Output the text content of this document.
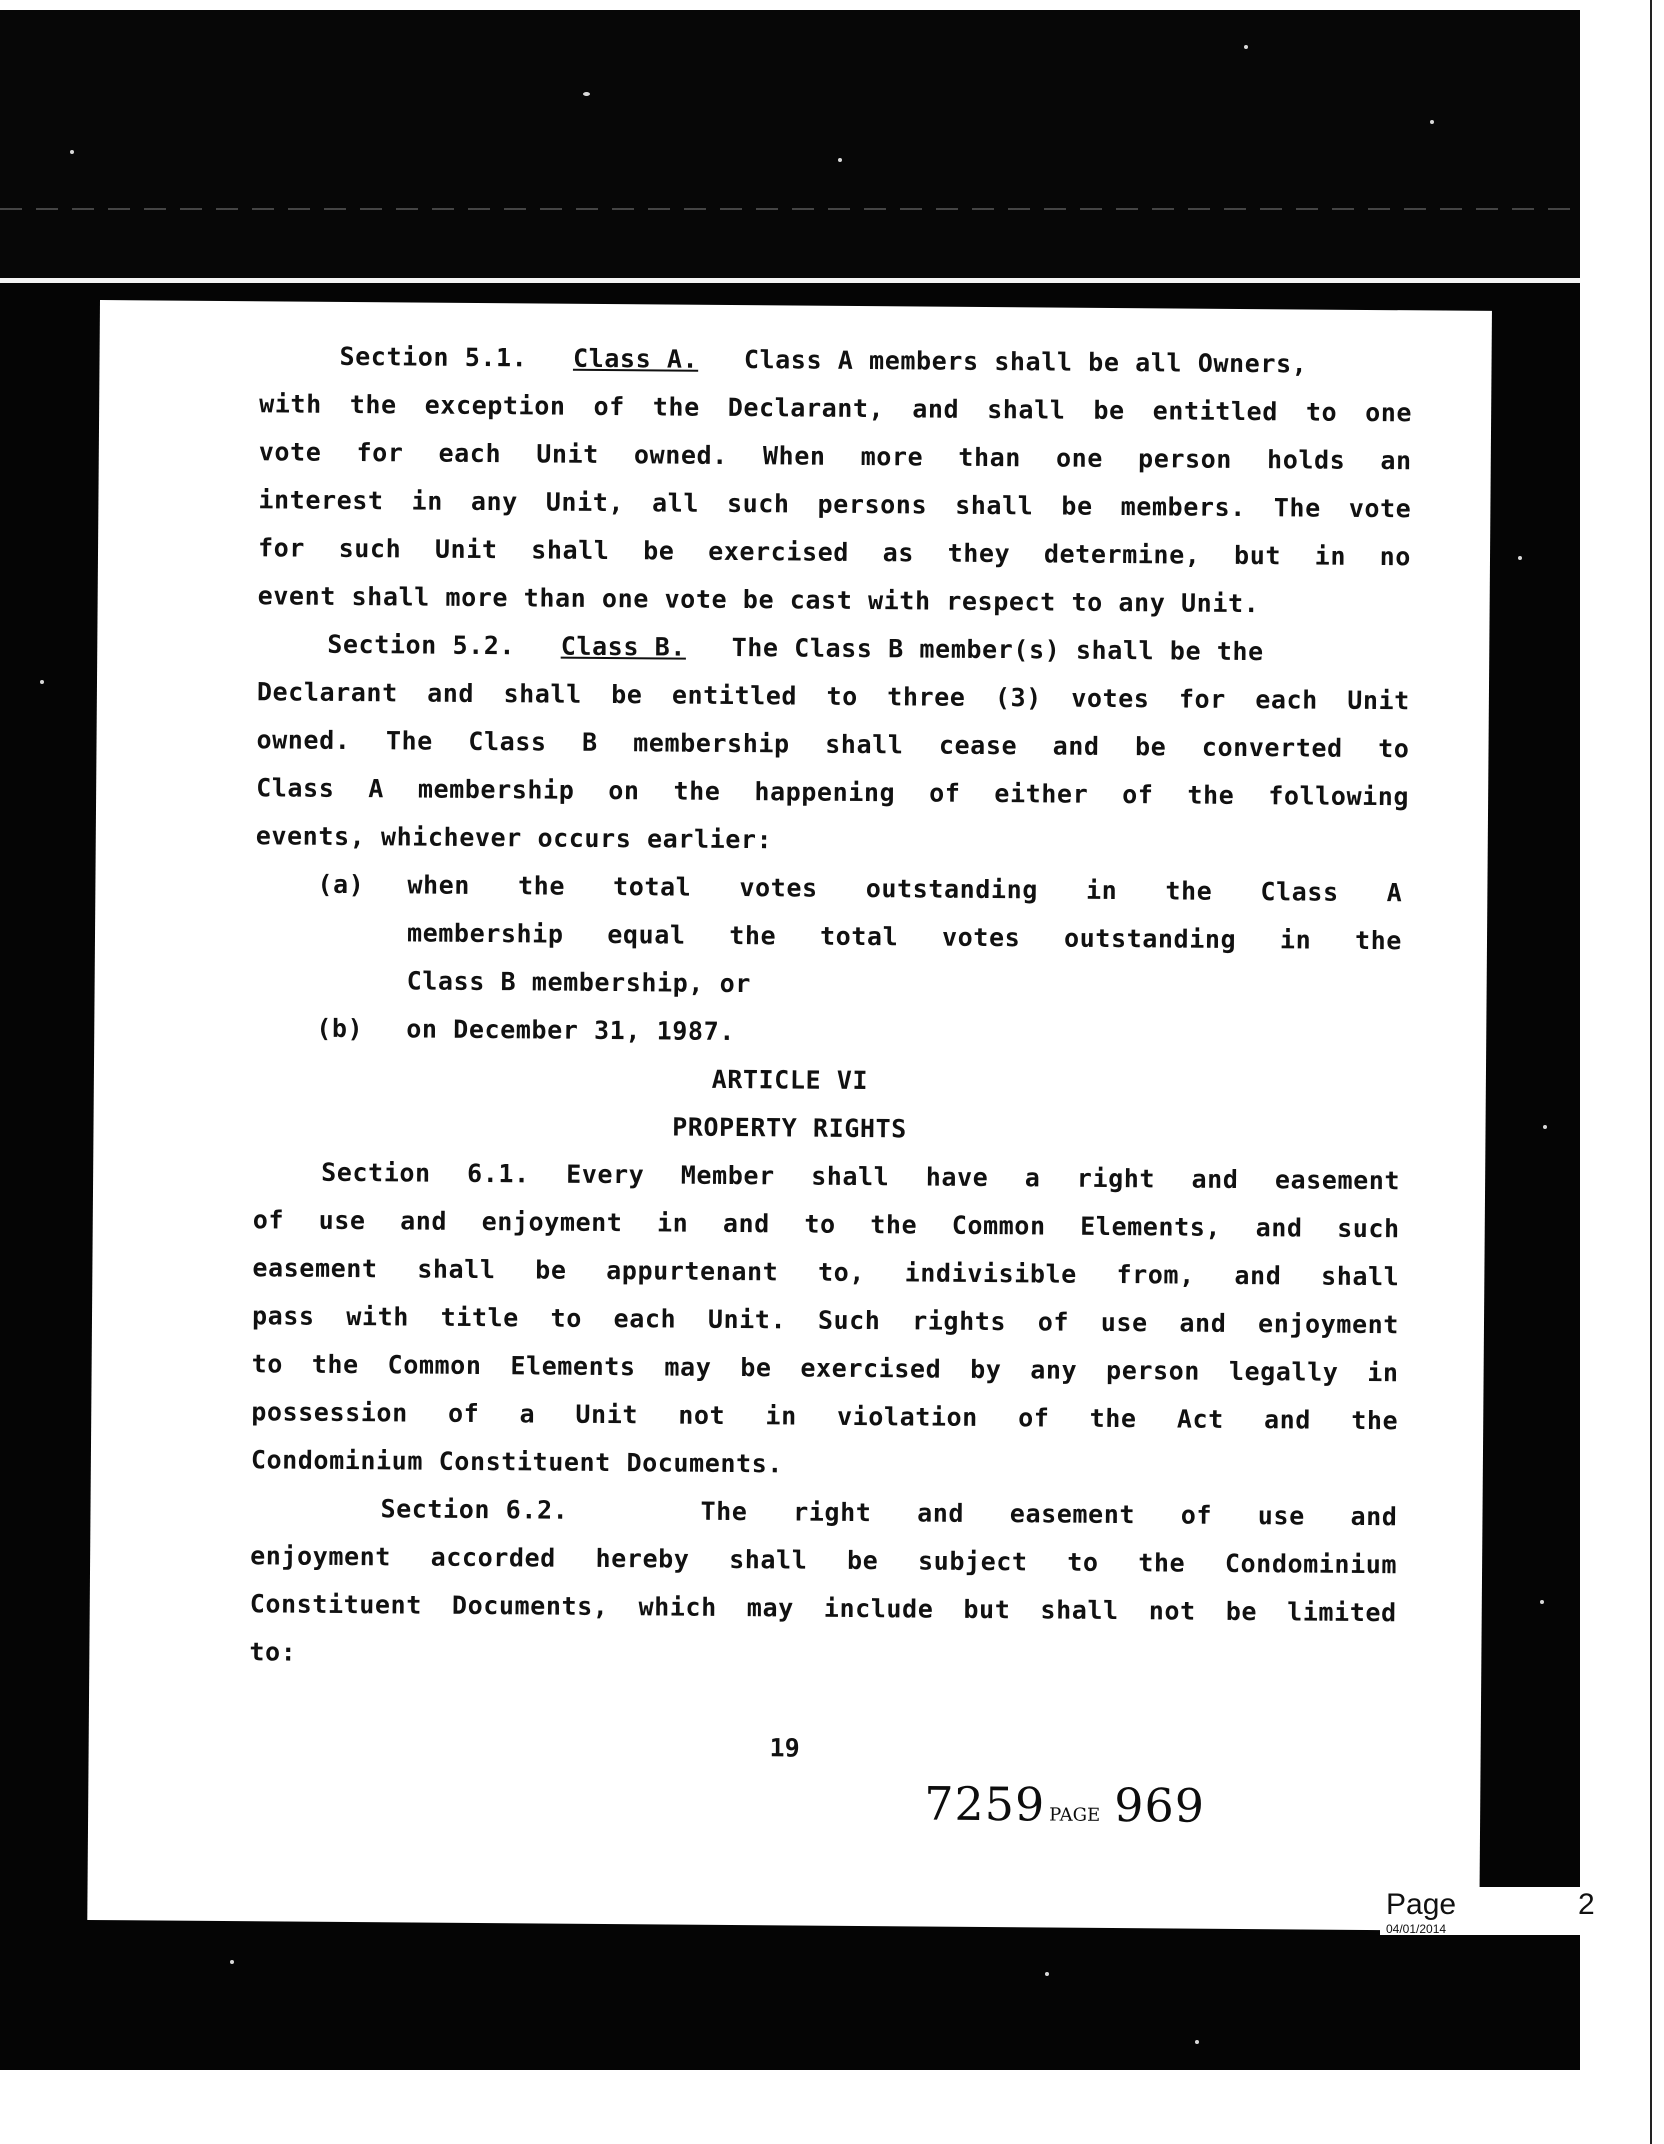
Section 5.1. Class A. Class A members shall be all Owners,
with the exception of the Declarant, and shall be entitled to one
vote for each Unit owned. When more than one person holds an
interest in any Unit, all such persons shall be members. The vote
for such Unit shall be exercised as they determine, but in no
event shall more than one vote be cast with respect to any Unit.
Section 5.2. Class B. The Class B member(s) shall be the
Declarant and shall be entitled to three (3) votes for each Unit
owned. The Class B membership shall cease and be converted to
Class A membership on the happening of either of the following
events, whichever occurs earlier:
(a)	when the total votes outstanding in the Class A
membership equal the total votes outstanding in the
Class B membership, or
(b)	on December 31, 1987.
ARTICLE VI
PROPERTY RIGHTS
Section 6.1. Every Member shall have a right and easement
of use and enjoyment in and to the Common Elements, and such
easement shall be appurtenant to, indivisible from, and shall
pass with title to each Unit. Such rights of use and enjoyment
to the Common Elements may be exercised by any person legally in
possession of a Unit not in violation of the Act and the
Condominium Constituent Documents.
Section 6.2.	The right and easement of use and
enjoyment accorded hereby shall be subject to the Condominium
Constituent Documents, which may include but shall not be limited
to:
19
7259 PAGE 969
Page
04/01/2014
2
